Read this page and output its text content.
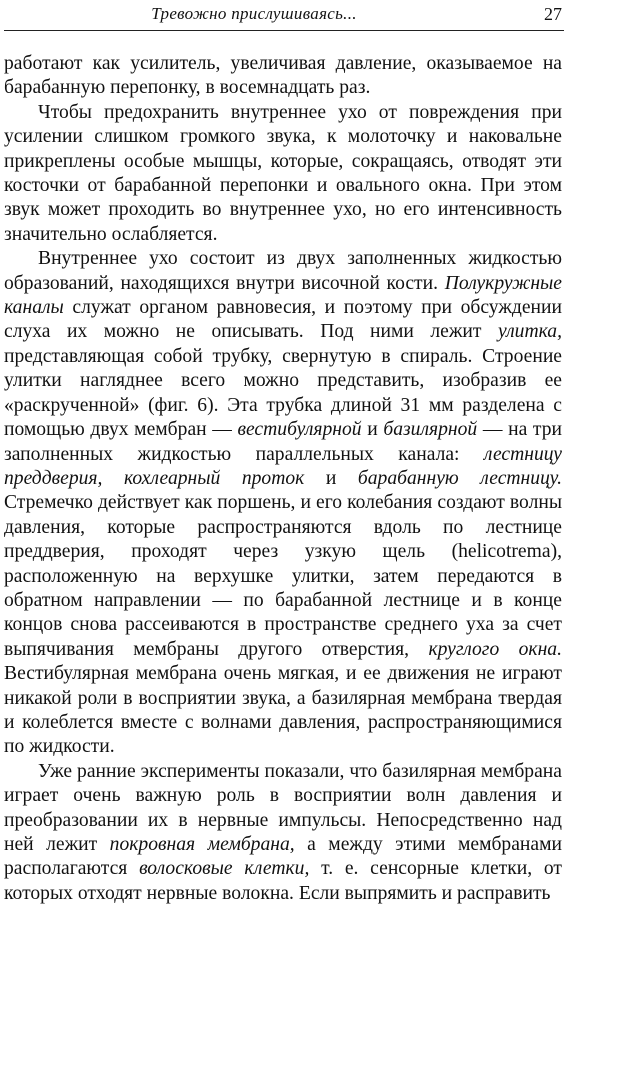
Тревожно прислушиваясь...	27

работают как усилитель, увеличивая давление, оказываемое на барабанную перепонку, в восемнадцать раз.

Чтобы предохранить внутреннее ухо от повреждения при усилении слишком громкого звука, к молоточку и наковальне прикреплены особые мышцы, которые, сокращаясь, отводят эти косточки от барабанной перепонки и овального окна. При этом звук может проходить во внутреннее ухо, но его интенсивность значительно ослабляется.

Внутреннее ухо состоит из двух заполненных жидкостью образований, находящихся внутри височной кости. Полукружные каналы служат органом равновесия, и поэтому при обсуждении слуха их можно не описывать. Под ними лежит улитка, представляющая собой трубку, свернутую в спираль. Строение улитки нагляднее всего можно представить, изобразив ее «раскрученной» (фиг. 6). Эта трубка длиной 31 мм разделена с помощью двух мембран — вестибулярной и базилярной — на три заполненных жидкостью параллельных канала: лестницу преддверия, кохлеарный проток и барабанную лестницу. Стремечко действует как поршень, и его колебания создают волны давления, которые распространяются вдоль по лестнице преддверия, проходят через узкую щель (helicotrema), расположенную на верхушке улитки, затем передаются в обратном направлении — по барабанной лестнице и в конце концов снова рассеиваются в пространстве среднего уха за счет выпячивания мембраны другого отверстия, круглого окна. Вестибулярная мембрана очень мягкая, и ее движения не играют никакой роли в восприятии звука, а базилярная мембрана твердая и колеблется вместе с волнами давления, распространяющимися по жидкости.

Уже ранние эксперименты показали, что базилярная мембрана играет очень важную роль в восприятии волн давления и преобразовании их в нервные импульсы. Непосредственно над ней лежит покровная мембрана, а между этими мембранами располагаются волосковые клетки, т. е. сенсорные клетки, от которых отходят нервные волокна. Если выпрямить и расправить
